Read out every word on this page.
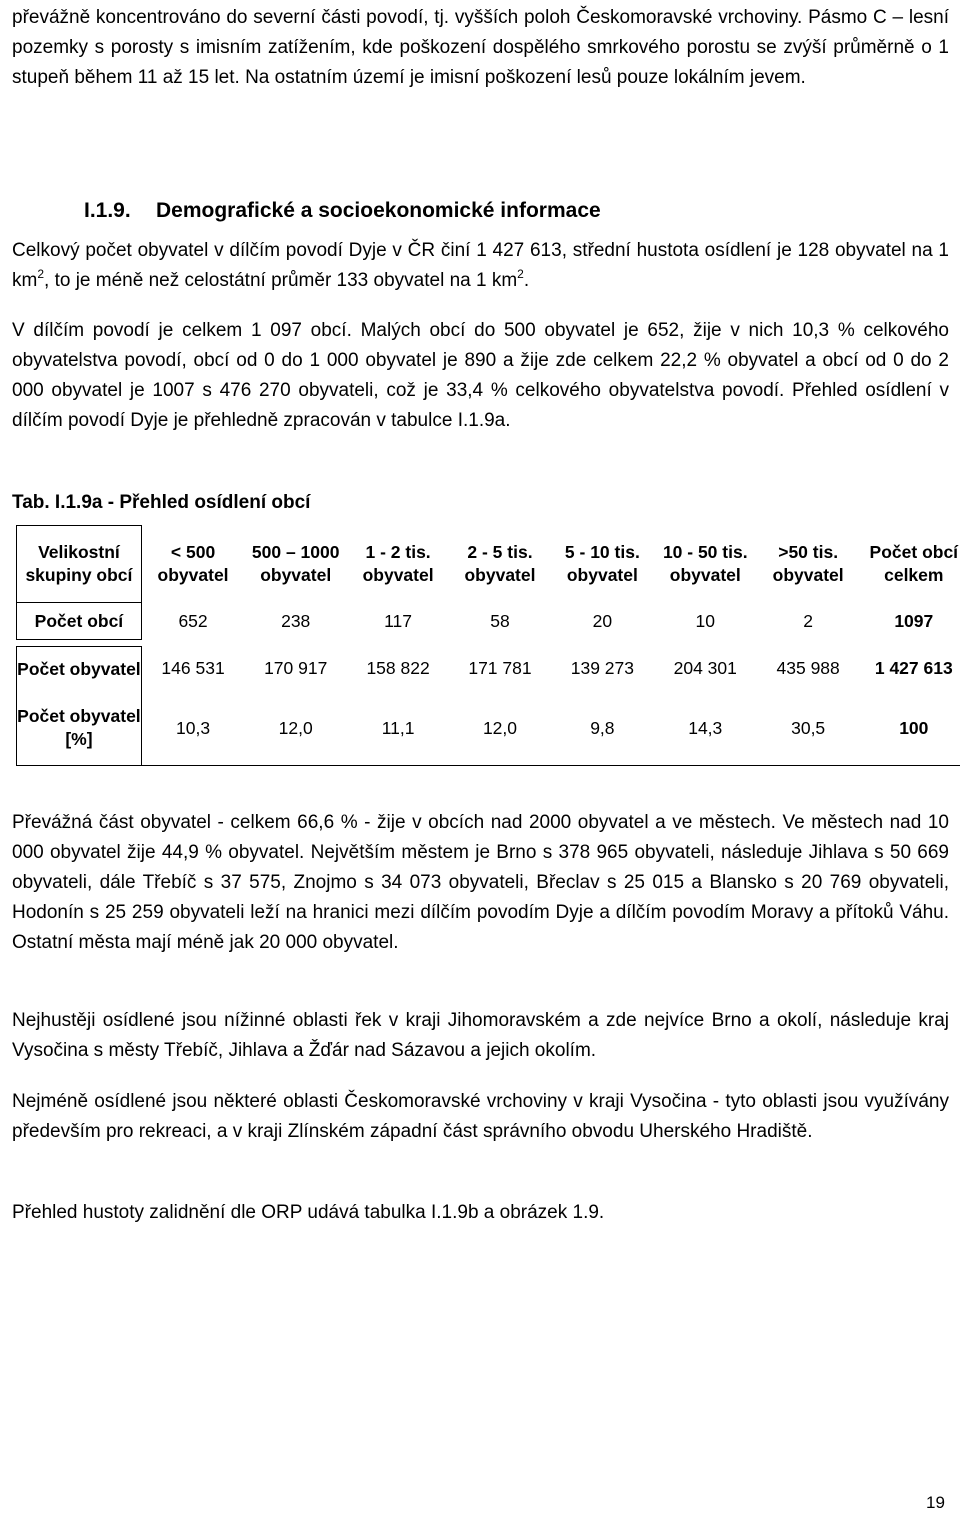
převážně koncentrováno do severní části povodí, tj. vyšších poloh Českomoravské vrchoviny. Pásmo C – lesní pozemky s porosty s imisním zatížením, kde poškození dospělého smrkového porostu se zvýší průměrně o 1 stupeň během 11 až 15 let. Na ostatním území je imisní poškození lesů pouze lokálním jevem.

I.1.9. Demografické a socioekonomické informace

Celkový počet obyvatel v dílčím povodí Dyje v ČR činí 1 427 613, střední hustota osídlení je 128 obyvatel na 1 $km^2$, to je méně než celostátní průměr 133 obyvatel na 1 $km^2$.

V dílčím povodí je celkem 1 097 obcí. Malých obcí do 500 obyvatel je 652, žije v nich 10,3 % celkového obyvatelstva povodí, obcí od 0 do 1 000 obyvatel je 890 a žije zde celkem 22,2 % obyvatel a obcí od 0 do 2 000 obyvatel je 1007 s 476 270 obyvateli, což je 33,4 % celkového obyvatelstva povodí. Přehled osídlení v dílčím povodí Dyje je přehledně zpracován v tabulce I.1.9a.

Tab. I.1.9a - Přehled osídlení obcí
Velikostní skupiny obcí	< 500 obyvatel	500 – 1000 obyvatel	1 - 2 tis. obyvatel	2 - 5 tis. obyvatel	5 - 10 tis. obyvatel	10 - 50 tis. obyvatel	>50 tis. obyvatel	Počet obcí celkem
Počet obcí	652	238	117	58	20	10	2	1097

Počet obyvatel	146 531	170 917	158 822	171 781	139 273	204 301	435 988	1 427 613
Počet obyvatel [%]	10,3	12,0	11,1	12,0	9,8	14,3	30,5	100

Převážná část obyvatel - celkem 66,6 % - žije v obcích nad 2000 obyvatel a ve městech. Ve městech nad 10 000 obyvatel žije 44,9 % obyvatel. Největším městem je Brno s 378 965 obyvateli, následuje Jihlava s 50 669 obyvateli, dále Třebíč s 37 575, Znojmo s 34 073 obyvateli, Břeclav s 25 015 a Blansko s 20 769 obyvateli, Hodonín s 25 259 obyvateli leží na hranici mezi dílčím povodím Dyje a dílčím povodím Moravy a přítoků Váhu. Ostatní města mají méně jak 20 000 obyvatel.

Nejhustěji osídlené jsou nížinné oblasti řek v kraji Jihomoravském a zde nejvíce Brno a okolí, následuje kraj Vysočina s městy Třebíč, Jihlava a Žďár nad Sázavou a jejich okolím.

Nejméně osídlené jsou některé oblasti Českomoravské vrchoviny v kraji Vysočina - tyto oblasti jsou využívány především pro rekreaci, a v kraji Zlínském západní část správního obvodu Uherského Hradiště.

Přehled hustoty zalidnění dle ORP udává tabulka I.1.9b a obrázek 1.9.

19
